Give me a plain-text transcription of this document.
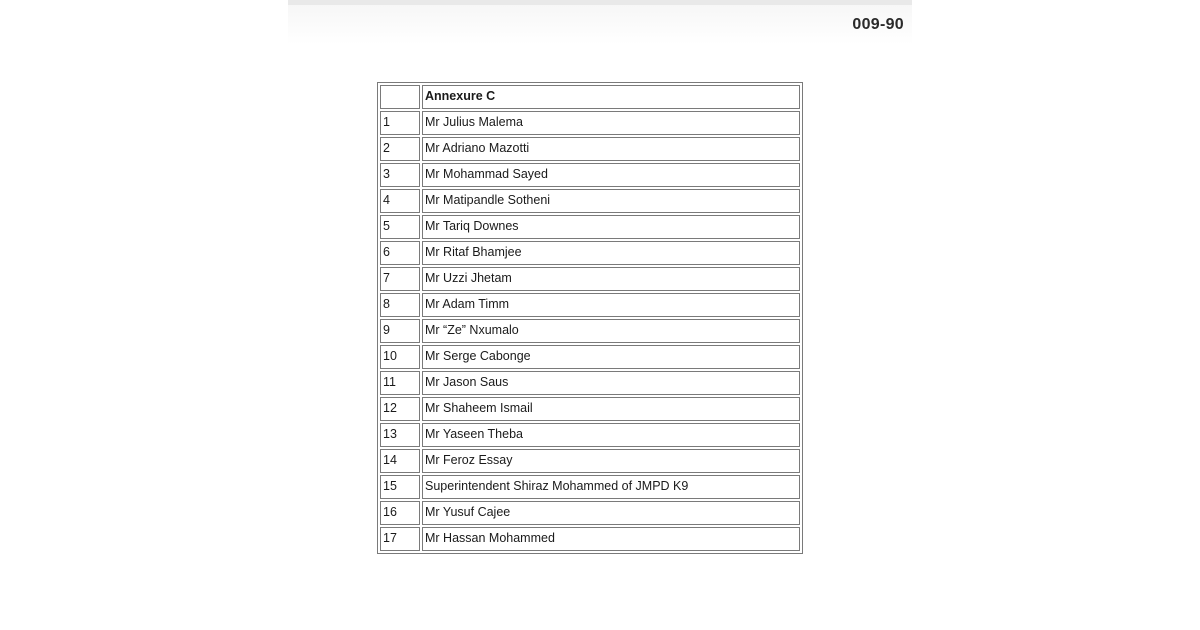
009-90
	Annexure C
1	Mr Julius Malema
2	Mr Adriano Mazotti
3	Mr Mohammad Sayed
4	Mr Matipandle Sotheni
5	Mr Tariq Downes
6	Mr Ritaf Bhamjee
7	Mr Uzzi Jhetam
8	Mr Adam Timm
9	Mr “Ze” Nxumalo
10	Mr Serge Cabonge
11	Mr Jason Saus
12	Mr Shaheem Ismail
13	Mr Yaseen Theba
14	Mr Feroz Essay
15	Superintendent Shiraz Mohammed of JMPD K9
16	Mr Yusuf Cajee
17	Mr Hassan Mohammed
